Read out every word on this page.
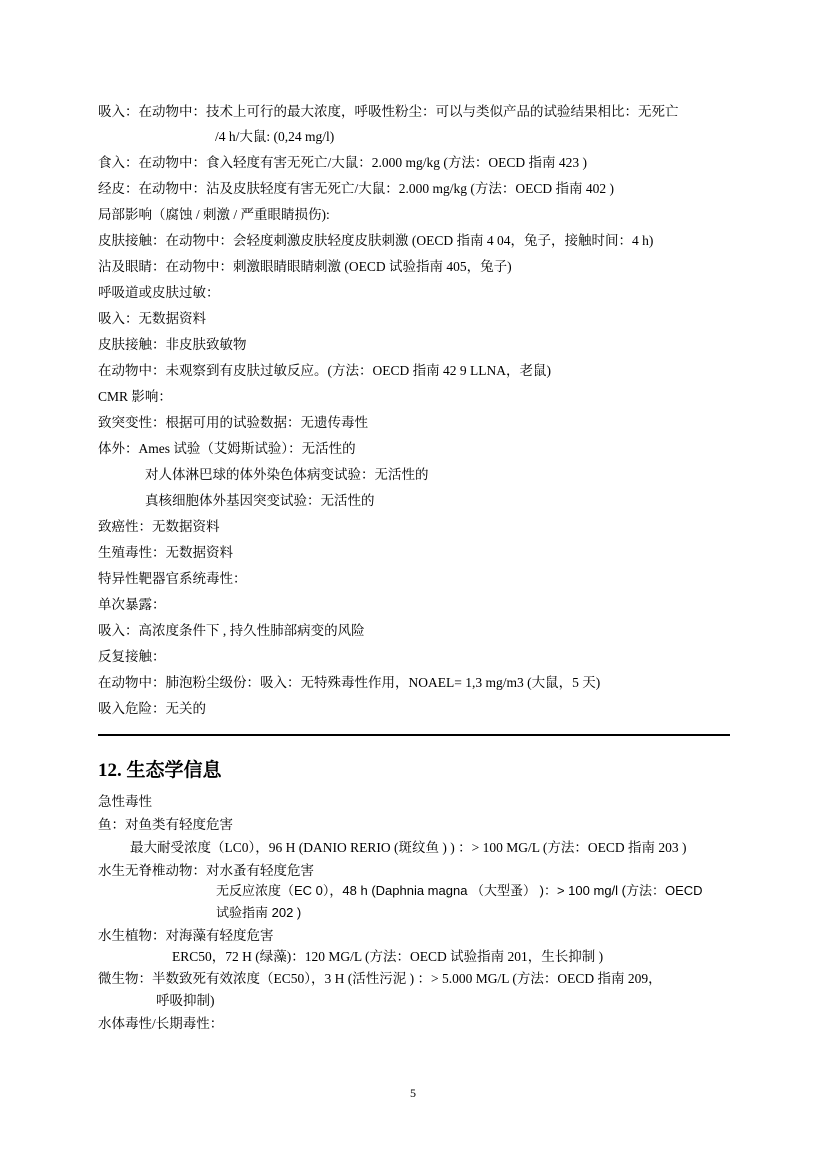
吸入：在动物中：技术上可行的最大浓度，呼吸性粉尘：可以与类似产品的试验结果相比：无死亡
/4 h/大鼠: (0,24 mg/l)
食入：在动物中：食入轻度有害无死亡/大鼠：2.000 mg/kg (方法：OECD 指南 423 )
经皮：在动物中：沾及皮肤轻度有害无死亡/大鼠：2.000 mg/kg (方法：OECD 指南 402 )
局部影响（腐蚀 / 刺激 / 严重眼睛损伤):
皮肤接触：在动物中：会轻度刺激皮肤轻度皮肤刺激 (OECD 指南 4 04，兔子，接触时间：4 h)
沾及眼睛：在动物中：刺激眼睛眼睛刺激 (OECD 试验指南 405，兔子)
呼吸道或皮肤过敏：
吸入：无数据资料
皮肤接触：非皮肤致敏物
在动物中：未观察到有皮肤过敏反应。(方法：OECD 指南 42 9 LLNA，老鼠)
CMR 影响：
致突变性：根据可用的试验数据：无遗传毒性
体外：Ames 试验（艾姆斯试验）：无活性的
对人体淋巴球的体外染色体病变试验：无活性的
真核细胞体外基因突变试验：无活性的
致癌性：无数据资料
生殖毒性：无数据资料
特异性靶器官系统毒性：
单次暴露：
吸入：高浓度条件下 , 持久性肺部病变的风险
反复接触：
在动物中：肺泡粉尘级份：吸入：无特殊毒性作用，NOAEL= 1,3 mg/m3 (大鼠，5 天)
吸入危险：无关的
12. 生态学信息
急性毒性
鱼：对鱼类有轻度危害
最大耐受浓度（LC0），96 H (DANIO RERIO (斑纹鱼 ) ) ：> 100 MG/L (方法：OECD 指南 203 )
水生无脊椎动物：对水蚤有轻度危害
无反应浓度（EC 0），48 h (Daphnia magna （大型蚤） )：> 100 mg/l (方法：OECD
试验指南 202 )
水生植物：对海藻有轻度危害
ERC50，72 H (绿藻)：120 MG/L (方法：OECD 试验指南 201，生长抑制 )
微生物：半数致死有效浓度（EC50），3 H (活性污泥 ) ：> 5.000 MG/L (方法：OECD 指南 209，
呼吸抑制)
水体毒性/长期毒性：
5
